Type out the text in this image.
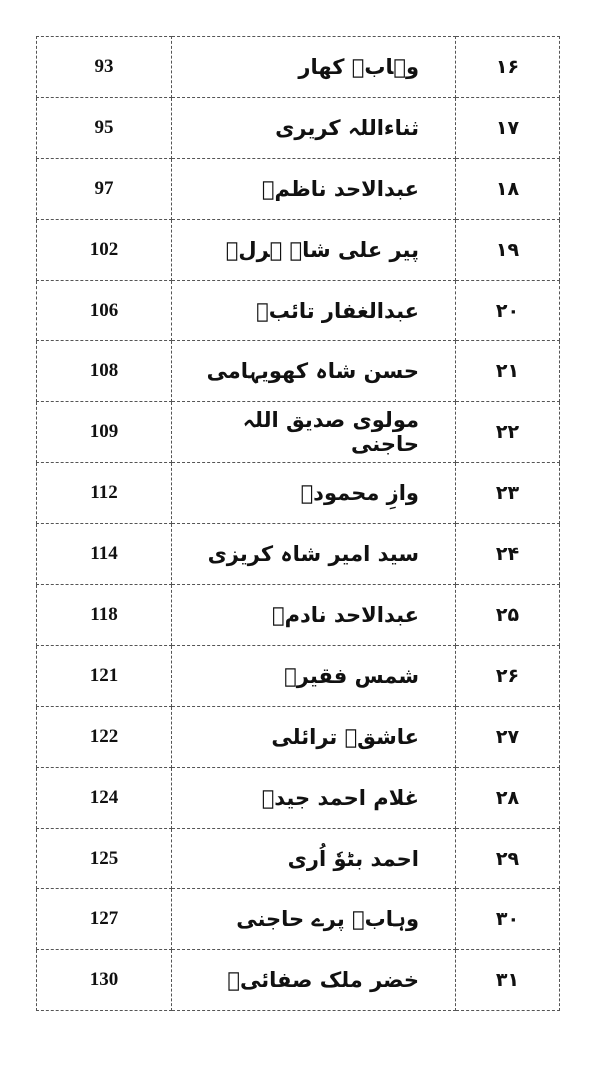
93	وہابؔ کھار	۱۶
95	ثناءاللہ کریری	۱۷
97	عبدالاحد ناظمؔ	۱۸
102	پیر علی شاہ ہرلؔ	۱۹
106	عبدالغفار تائبؔ	۲۰
108	حسن شاہ کھویہامی	۲۱
109	مولوی صدیق اللہ حاجنی	۲۲
112	وازِ محمودؔ	۲۳
114	سید امیر شاہ کریزی	۲۴
118	عبدالاحد نادمؔ	۲۵
121	شمس فقیرؔ	۲۶
122	عاشقؔ ترائلی	۲۷
124	غلام احمد جیدؔ	۲۸
125	احمد بٹوٗ اُری	۲۹
127	وہابؔ پرے حاجنی	۳۰
130	خضر ملک صفائیؔ	۳۱
